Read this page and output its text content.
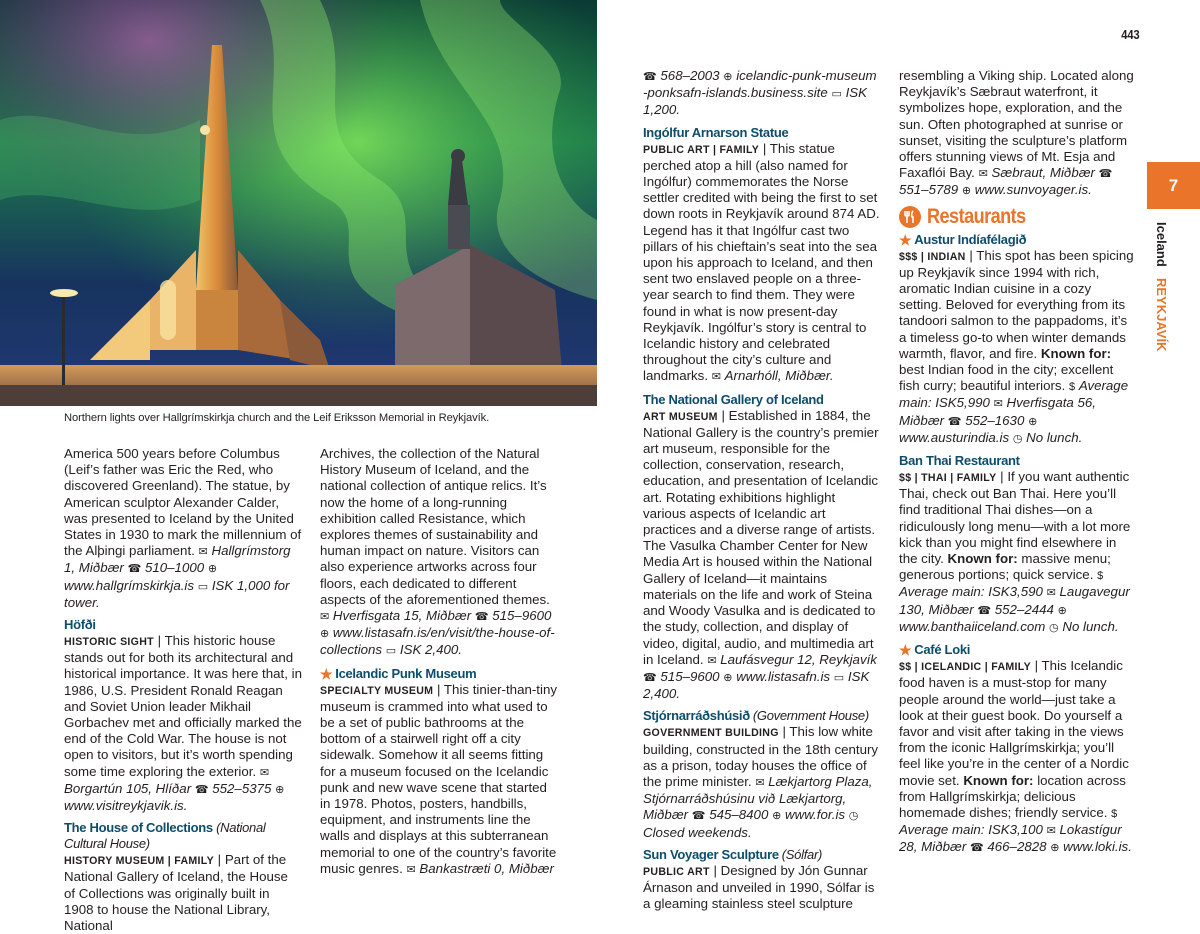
Northern lights over Hallgrímskirkja church and the Leif Eriksson Memorial in Reykjavík.
443

America 500 years before Columbus (Leif’s father was Eric the Red, who discovered Greenland). The statue, by American sculptor Alexander Calder, was presented to Iceland by the United States in 1930 to mark the millennium of the Alþingi parliament. ✉ Hallgrímstorg 1, Miðbær ☎ 510–1000 ⊕ www.hallgrímskirkja.is ▭ ISK 1,000 for tower.

Höfði

HISTORIC SIGHT | This historic house stands out for both its architectural and historical importance. It was here that, in 1986, U.S. President Ronald Reagan and Soviet Union leader Mikhail Gorbachev met and officially marked the end of the Cold War. The house is not open to visitors, but it’s worth spending some time exploring the exterior. ✉ Borgartún 105, Hlíðar ☎ 552–5375 ⊕ www.visitreykjavik.is.

The House of Collections (National Cultural House)

HISTORY MUSEUM | FAMILY | Part of the National Gallery of Iceland, the House of Collections was originally built in 1908 to house the National Library, National

Archives, the collection of the Natural History Museum of Iceland, and the national collection of antique relics. It’s now the home of a long-running exhibition called Resistance, which explores themes of sustainability and human impact on nature. Visitors can also experience artworks across four floors, each dedicated to different aspects of the aforementioned themes. ✉ Hverfisgata 15, Miðbær ☎ 515–9600 ⊕ www.listasafn.is/en/visit/the-house-of-collections ▭ ISK 2,400.

★ Icelandic Punk Museum

SPECIALTY MUSEUM | This tinier-than-tiny museum is crammed into what used to be a set of public bathrooms at the bottom of a stairwell right off a city sidewalk. Somehow it all seems fitting for a museum focused on the Icelandic punk and new wave scene that started in 1978. Photos, posters, handbills, equipment, and instruments line the walls and displays at this subterranean memorial to one of the country’s favorite music genres. ✉ Bankastræti 0, Miðbær

☎ 568–2003 ⊕ icelandic-punk-museum-ponksafn-islands.business.site ▭ ISK 1,200.

Ingólfur Arnarson Statue

PUBLIC ART | FAMILY | This statue perched atop a hill (also named for Ingólfur) commemorates the Norse settler credited with being the first to set down roots in Reykjavík around 874 AD. Legend has it that Ingólfur cast two pillars of his chieftain’s seat into the sea upon his approach to Iceland, and then sent two enslaved people on a three-year search to find them. They were found in what is now present-day Reykjavík. Ingólfur’s story is central to Icelandic history and celebrated throughout the city’s culture and landmarks. ✉ Arnarhóll, Miðbær.

The National Gallery of Iceland

ART MUSEUM | Established in 1884, the National Gallery is the country’s premier art museum, responsible for the collection, conservation, research, education, and presentation of Icelandic art. Rotating exhibitions highlight various aspects of Icelandic art practices and a diverse range of artists. The Vasulka Chamber Center for New Media Art is housed within the National Gallery of Iceland—it maintains materials on the life and work of Steina and Woody Vasulka and is dedicated to the study, collection, and display of video, digital, audio, and multimedia art in Iceland. ✉ Laufásvegur 12, Reykjavík ☎ 515–9600 ⊕ www.listasafn.is ▭ ISK 2,400.

Stjórnarráðshúsið (Government House)

GOVERNMENT BUILDING | This low white building, constructed in the 18th century as a prison, today houses the office of the prime minister. ✉ Lækjartorg Plaza, Stjórnarráðshúsinu við Lækjartorg, Miðbær ☎ 545–8400 ⊕ www.for.is ◷ Closed weekends.

Sun Voyager Sculpture (Sólfar)

PUBLIC ART | Designed by Jón Gunnar Árnason and unveiled in 1990, Sólfar is a gleaming stainless steel sculpture

resembling a Viking ship. Located along Reykjavík’s Sæbraut waterfront, it symbolizes hope, exploration, and the sun. Often photographed at sunrise or sunset, visiting the sculpture’s platform offers stunning views of Mt. Esja and Faxaflói Bay. ✉ Sæbraut, Miðbær ☎ 551–5789 ⊕ www.sunvoyager.is.

Restaurants
★ Austur Indíafélagið

$$$ | INDIAN | This spot has been spicing up Reykjavík since 1994 with rich, aromatic Indian cuisine in a cozy setting. Beloved for everything from its tandoori salmon to the pappadoms, it’s a timeless go-to when winter demands warmth, flavor, and fire. Known for: best Indian food in the city; excellent fish curry; beautiful interiors. $ Average main: ISK5,990 ✉ Hverfisgata 56, Miðbær ☎ 552–1630 ⊕ www.austurindia.is ◷ No lunch.

Ban Thai Restaurant

$$ | THAI | FAMILY | If you want authentic Thai, check out Ban Thai. Here you’ll find traditional Thai dishes—on a ridiculously long menu—with a lot more kick than you might find elsewhere in the city. Known for: massive menu; generous portions; quick service. $ Average main: ISK3,590 ✉ Laugavegur 130, Miðbær ☎ 552–2444 ⊕ www.banthaiiceland.com ◷ No lunch.

★ Café Loki

$$ | ICELANDIC | FAMILY | This Icelandic food haven is a must-stop for many people around the world—just take a look at their guest book. Do yourself a favor and visit after taking in the views from the iconic Hallgrímskirkja; you’ll feel like you’re in the center of a Nordic movie set. Known for: location across from Hallgrímskirkja; delicious homemade dishes; friendly service. $ Average main: ISK3,100 ✉ Lokastígur 28, Miðbær ☎ 466–2828 ⊕ www.loki.is.

7
Iceland REYKJAVÍK
